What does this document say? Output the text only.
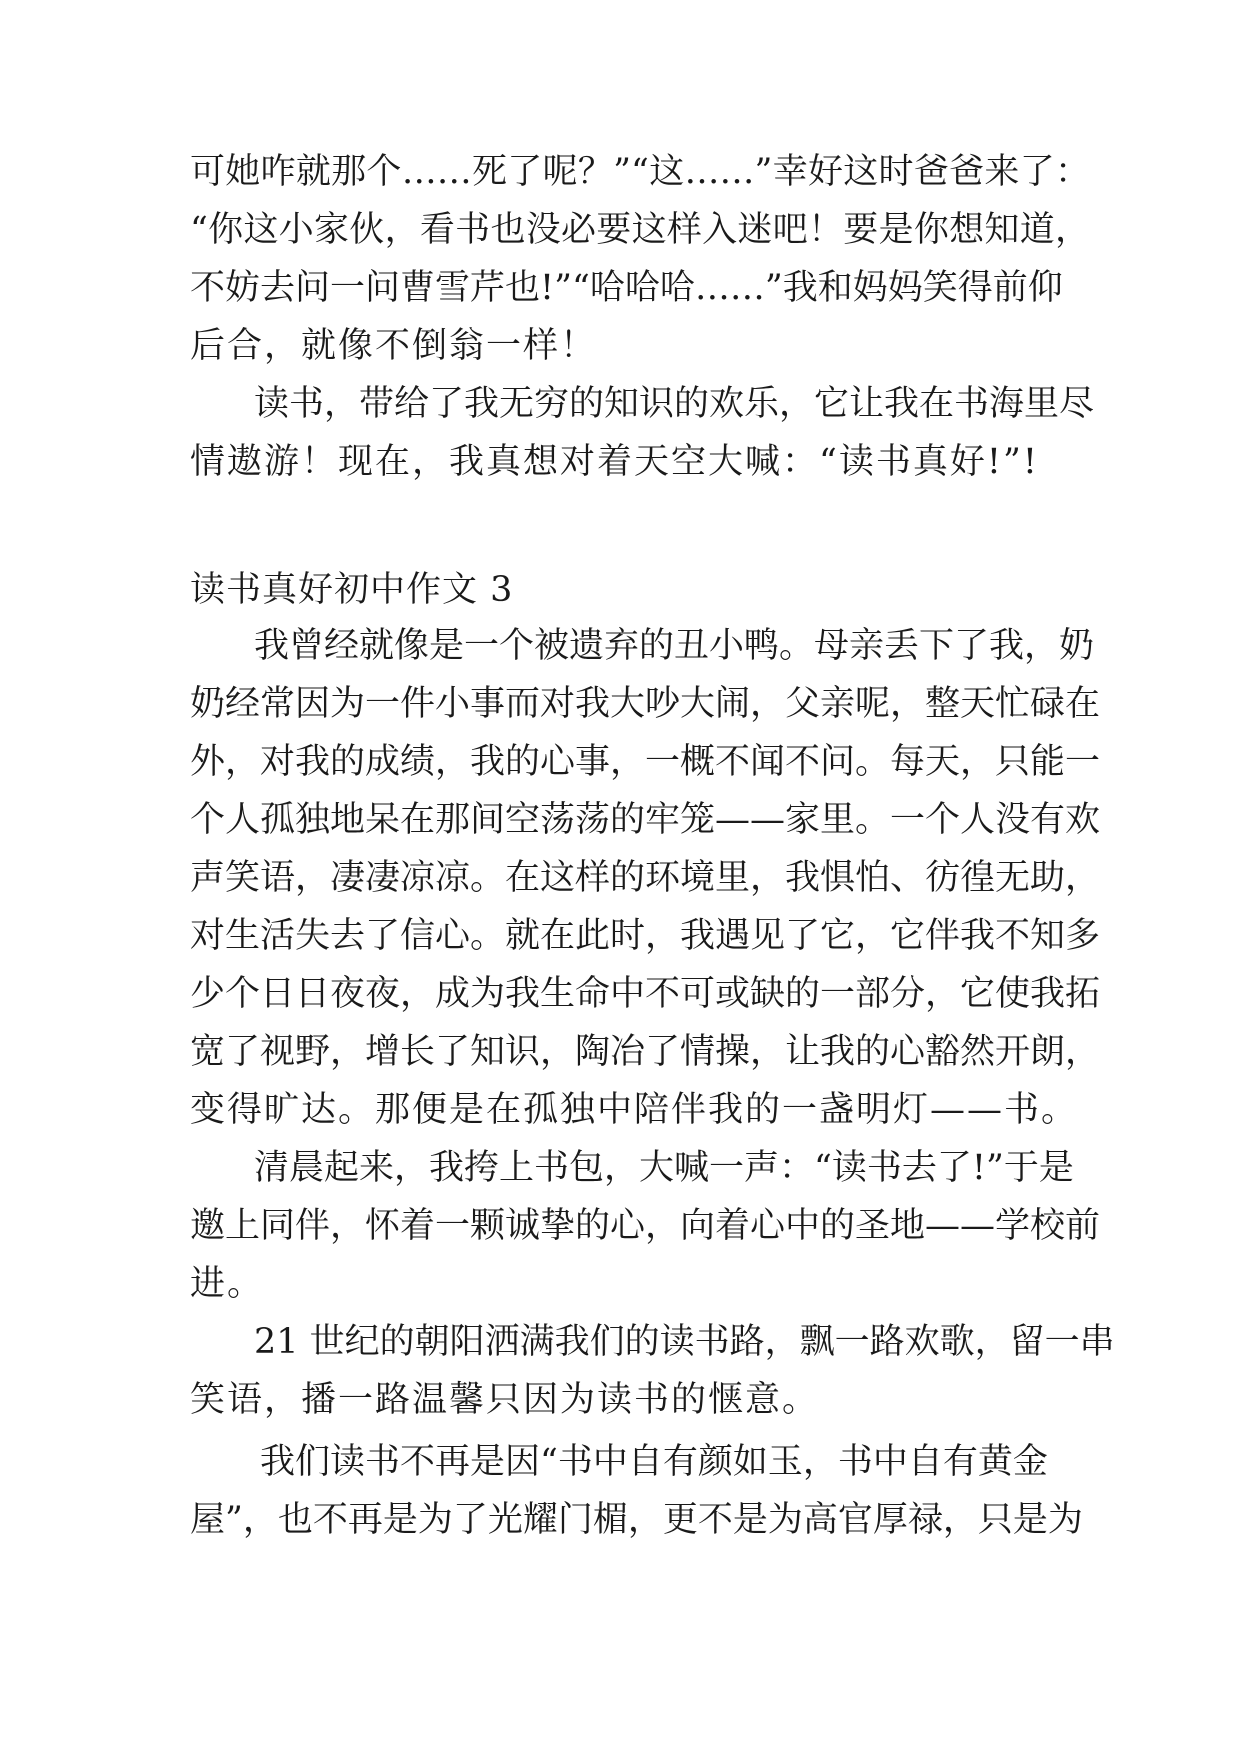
可她咋就那个……死了呢？”“这……”幸好这时爸爸来了：
“你这小家伙，看书也没必要这样入迷吧！要是你想知道，
不妨去问一问曹雪芹也!”“哈哈哈……”我和妈妈笑得前仰
后合，就像不倒翁一样！
读书，带给了我无穷的知识的欢乐，它让我在书海里尽
情遨游！现在，我真想对着天空大喊：“读书真好!”!
读书真好初中作文 3
我曾经就像是一个被遗弃的丑小鸭。母亲丢下了我，奶
奶经常因为一件小事而对我大吵大闹，父亲呢，整天忙碌在
外，对我的成绩，我的心事，一概不闻不问。每天，只能一
个人孤独地呆在那间空荡荡的牢笼——家里。一个人没有欢
声笑语，凄凄凉凉。在这样的环境里，我惧怕、彷徨无助，
对生活失去了信心。就在此时，我遇见了它，它伴我不知多
少个日日夜夜，成为我生命中不可或缺的一部分，它使我拓
宽了视野，增长了知识，陶冶了情操，让我的心豁然开朗，
变得旷达。那便是在孤独中陪伴我的一盏明灯——书。
清晨起来，我挎上书包，大喊一声：“读书去了!”于是
邀上同伴，怀着一颗诚挚的心，向着心中的圣地——学校前
进。
21 世纪的朝阳洒满我们的读书路，飘一路欢歌，留一串
笑语，播一路温馨只因为读书的惬意。
我们读书不再是因“书中自有颜如玉，书中自有黄金
屋”，也不再是为了光耀门楣，更不是为高官厚禄，只是为
